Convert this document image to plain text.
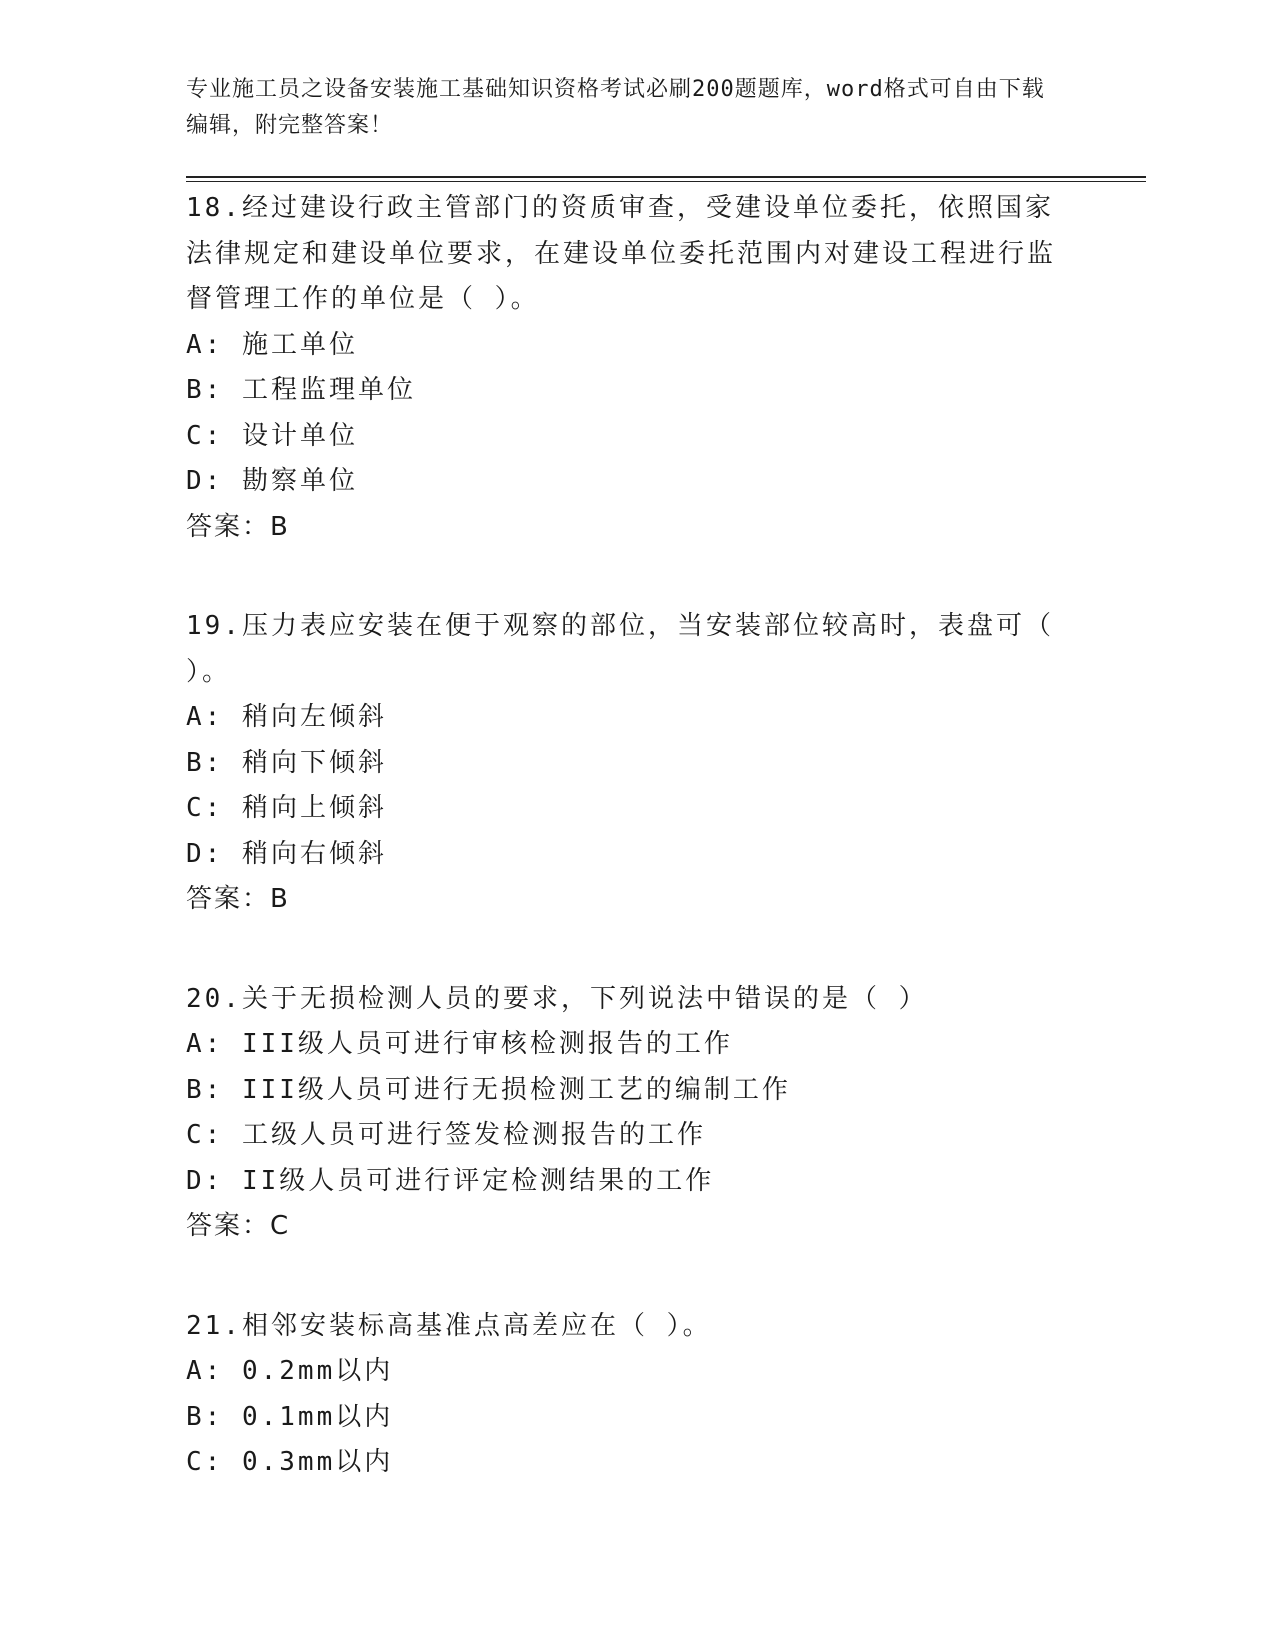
专业施工员之设备安装施工基础知识资格考试必刷200题题库，word格式可自由下载编辑，附完整答案！

18.经过建设行政主管部门的资质审查，受建设单位委托，依照国家法律规定和建设单位要求，在建设单位委托范围内对建设工程进行监督管理工作的单位是（ ）。

A: 施工单位

B: 工程监理单位

C: 设计单位

D: 勘察单位

答案：B

19.压力表应安装在便于观察的部位，当安装部位较高时，表盘可（ ）。

A: 稍向左倾斜

B: 稍向下倾斜

C: 稍向上倾斜

D: 稍向右倾斜

答案：B

20.关于无损检测人员的要求，下列说法中错误的是（ ）

A: III级人员可进行审核检测报告的工作

B: III级人员可进行无损检测工艺的编制工作

C: 工级人员可进行签发检测报告的工作

D: II级人员可进行评定检测结果的工作

答案：C

21.相邻安装标高基准点高差应在（ ）。

A: 0.2mm以内

B: 0.1mm以内

C: 0.3mm以内
